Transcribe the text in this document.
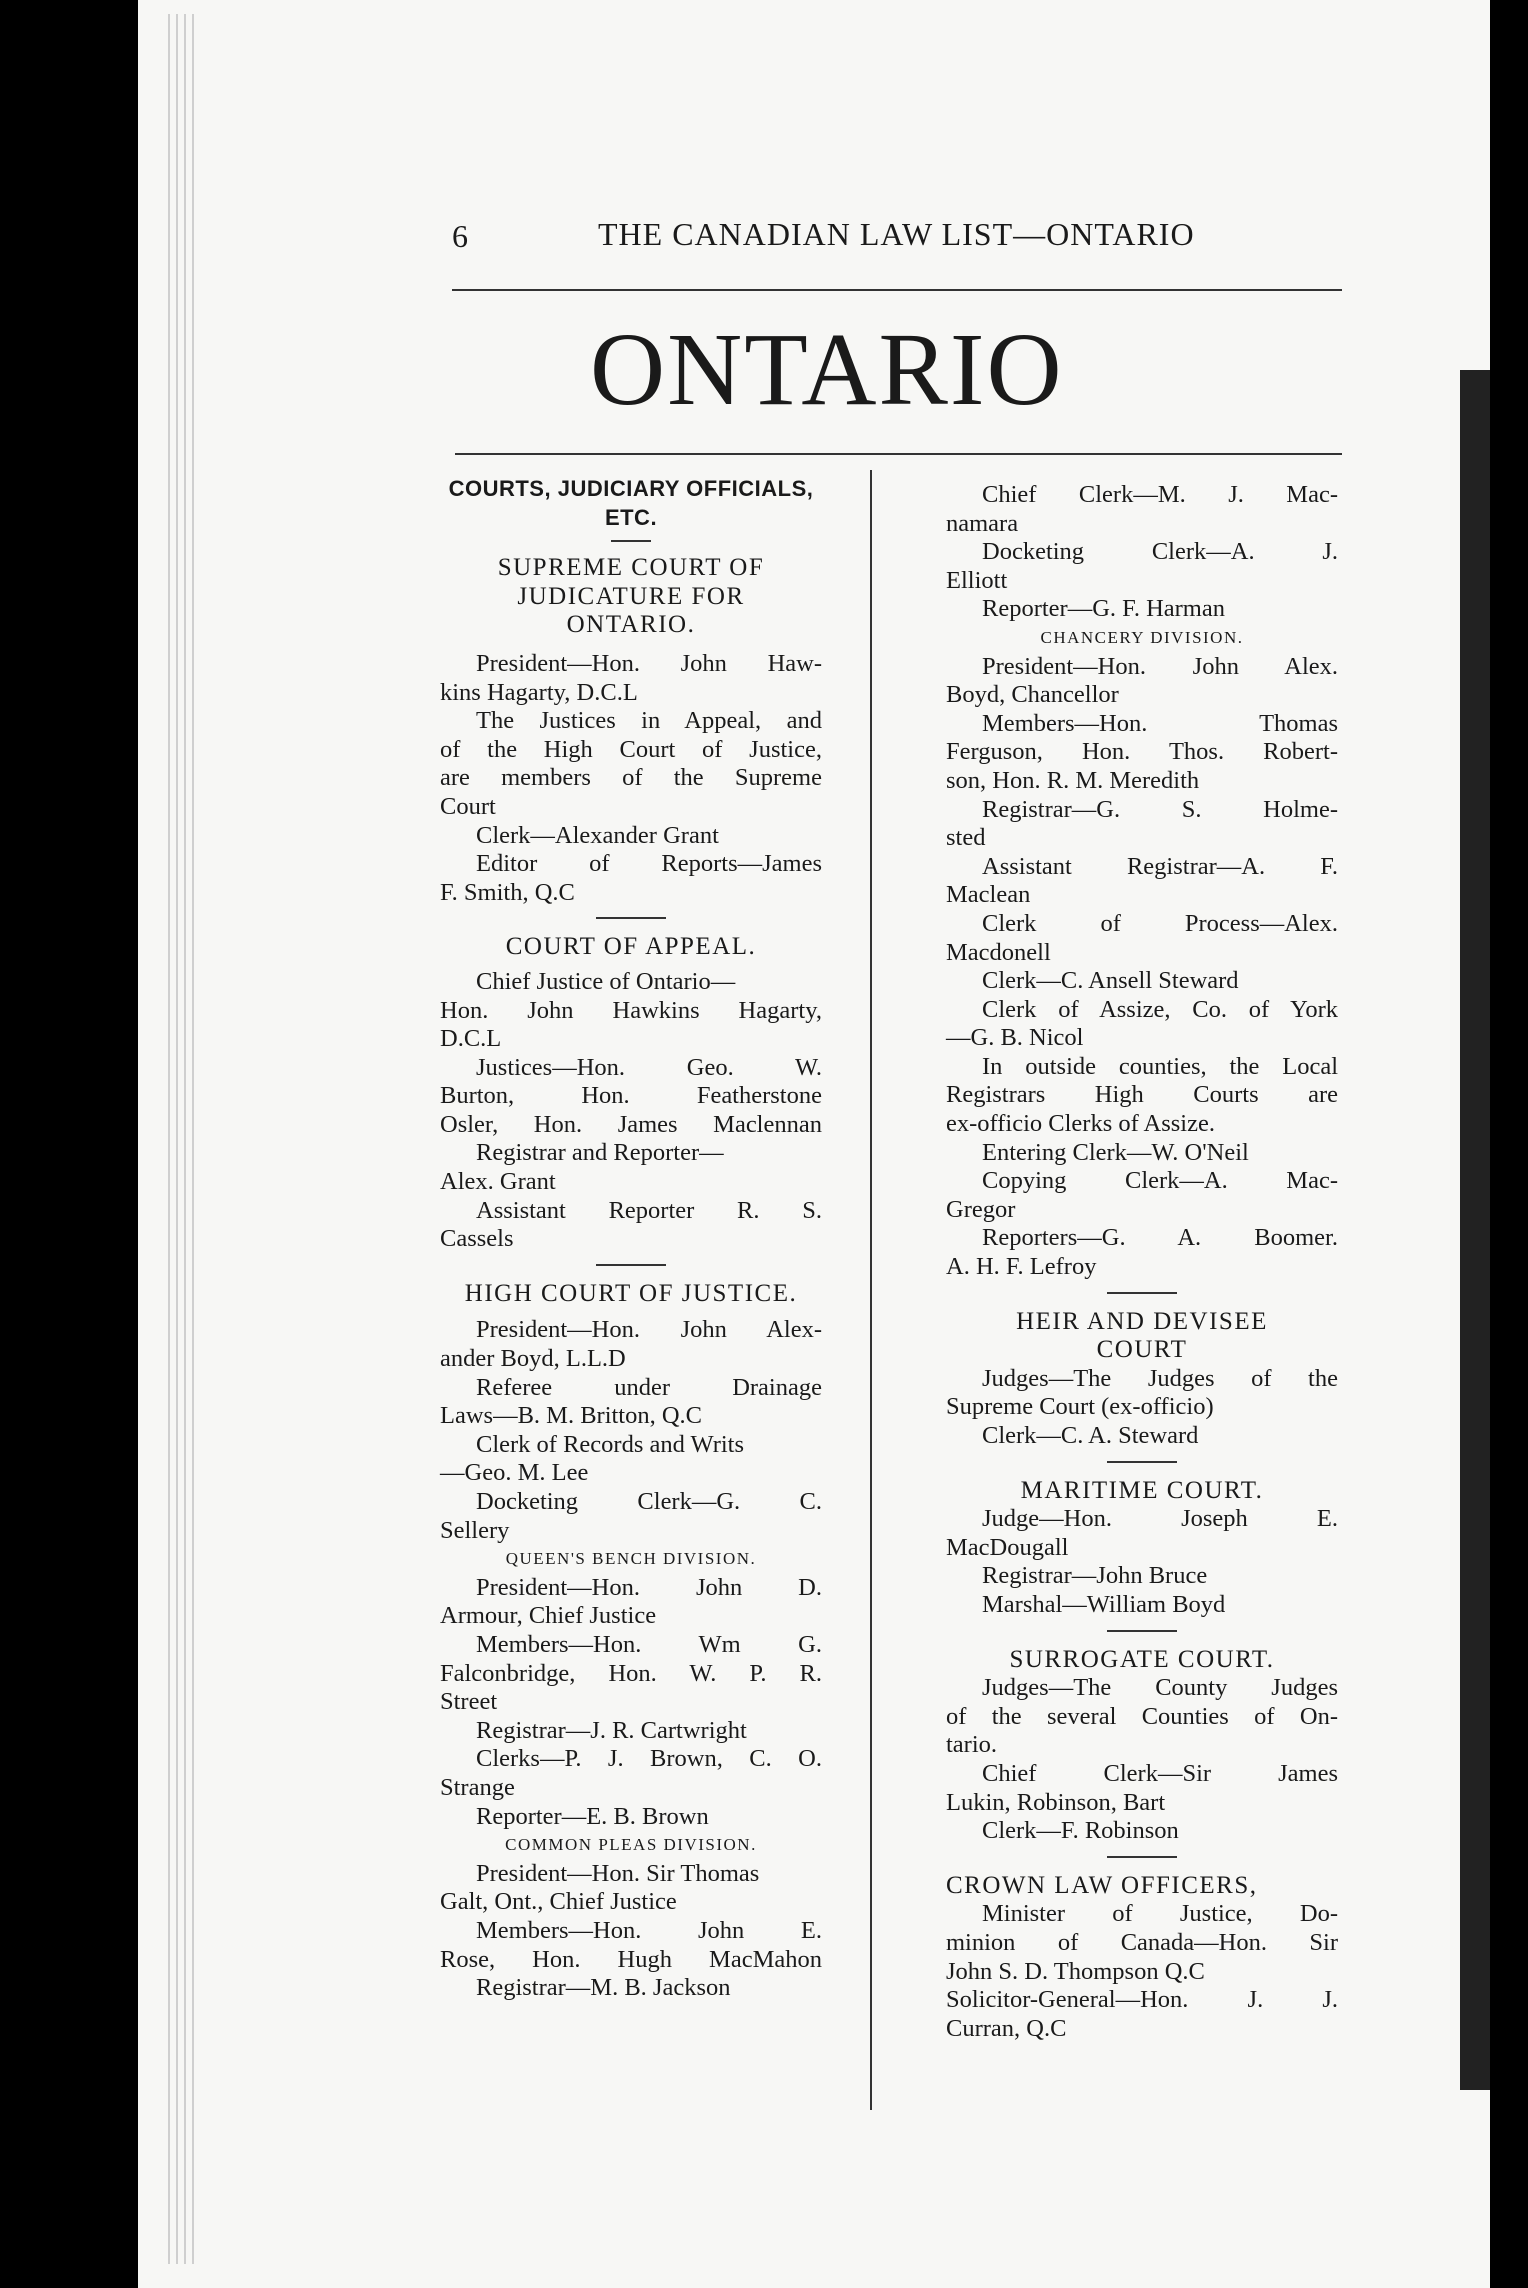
6	THE CANADIAN LAW LIST—ONTARIO
ONTARIO
COURTS, JUDICIARY OFFICIALS,
ETC.
SUPREME COURT OF
JUDICATURE FOR
ONTARIO.
President—Hon. John Haw-
kins Hagarty, D.C.L
The Justices in Appeal, and
of the High Court of Justice,
are members of the Supreme
Court
Clerk—Alexander Grant
Editor of Reports—James
F. Smith, Q.C
COURT OF APPEAL.
Chief Justice of Ontario—
Hon. John Hawkins Hagarty,
D.C.L
Justices—Hon. Geo. W.
Burton, Hon. Featherstone
Osler, Hon. James Maclennan
Registrar and Reporter—
Alex. Grant
Assistant Reporter R. S.
Cassels
HIGH COURT OF JUSTICE.
President—Hon. John Alex-
ander Boyd, L.L.D
Referee under Drainage
Laws—B. M. Britton, Q.C
Clerk of Records and Writs
—Geo. M. Lee
Docketing Clerk—G. C.
Sellery
QUEEN'S BENCH DIVISION.
President—Hon. John D.
Armour, Chief Justice
Members—Hon. Wm G.
Falconbridge, Hon. W. P. R.
Street
Registrar—J. R. Cartwright
Clerks—P. J. Brown, C. O.
Strange
Reporter—E. B. Brown
COMMON PLEAS DIVISION.
President—Hon. Sir Thomas
Galt, Ont., Chief Justice
Members—Hon. John E.
Rose, Hon. Hugh MacMahon
Registrar—M. B. Jackson
Chief Clerk—M. J. Mac-
namara
Docketing Clerk—A. J.
Elliott
Reporter—G. F. Harman
CHANCERY DIVISION.
President—Hon. John Alex.
Boyd, Chancellor
Members—Hon. Thomas
Ferguson, Hon. Thos. Robert-
son, Hon. R. M. Meredith
Registrar—G. S. Holme-
sted
Assistant Registrar—A. F.
Maclean
Clerk of Process—Alex.
Macdonell
Clerk—C. Ansell Steward
Clerk of Assize, Co. of York
—G. B. Nicol
In outside counties, the Local
Registrars High Courts are
ex-officio Clerks of Assize.
Entering Clerk—W. O'Neil
Copying Clerk—A. Mac-
Gregor
Reporters—G. A. Boomer.
A. H. F. Lefroy
HEIR AND DEVISEE
COURT
Judges—The Judges of the
Supreme Court (ex-officio)
Clerk—C. A. Steward
MARITIME COURT.
Judge—Hon. Joseph E.
MacDougall
Registrar—John Bruce
Marshal—William Boyd
SURROGATE COURT.
Judges—The County Judges
of the several Counties of On-
tario.
Chief Clerk—Sir James
Lukin, Robinson, Bart
Clerk—F. Robinson
CROWN LAW OFFICERS,
Minister of Justice, Do-
minion of Canada—Hon. Sir
John S. D. Thompson Q.C
Solicitor-General—Hon. J. J.
Curran, Q.C
